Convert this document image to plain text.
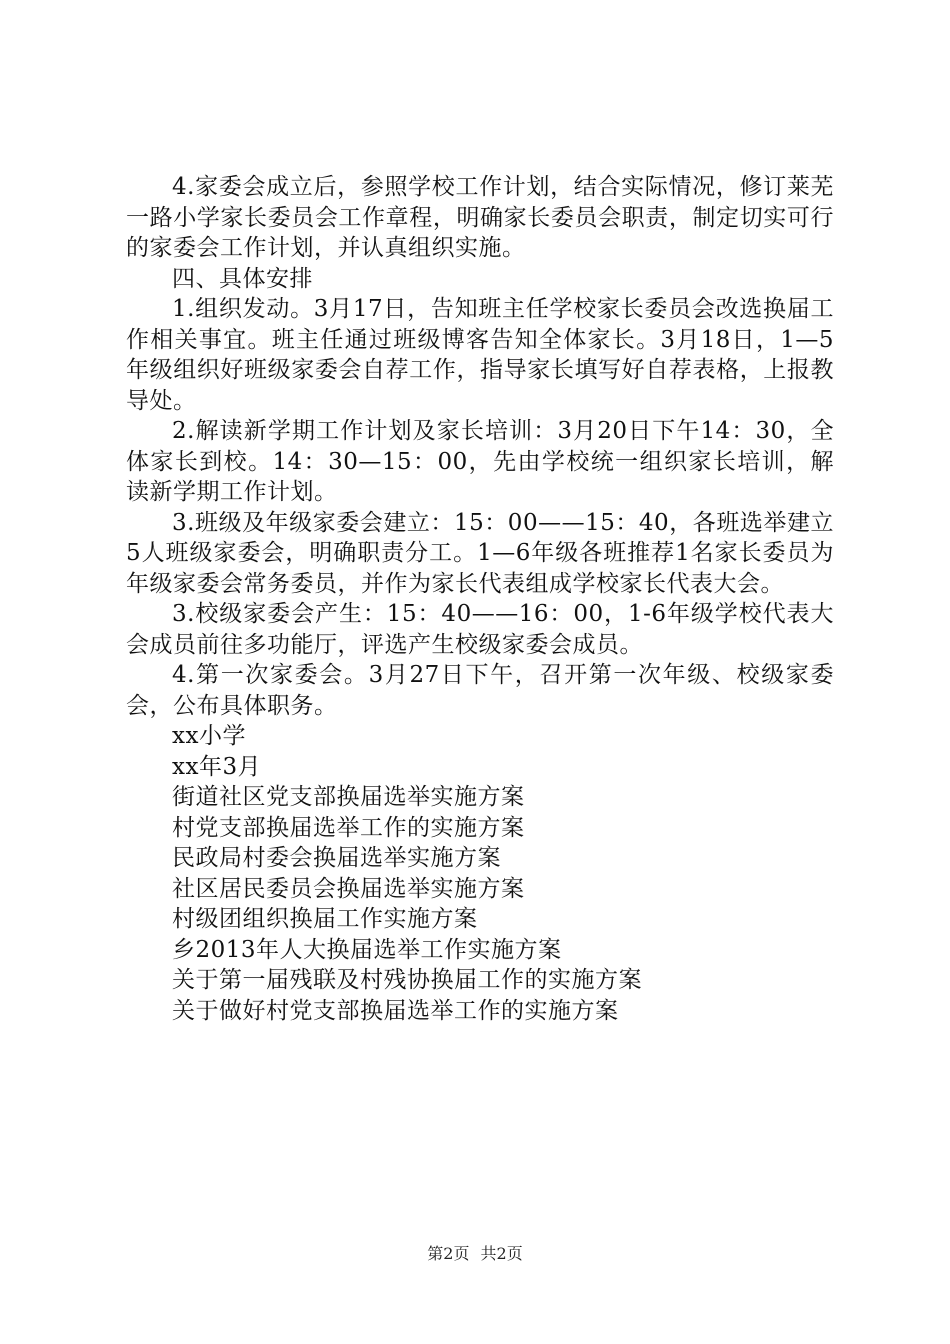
4.家委会成立后，参照学校工作计划，结合实际情况，修订莱芜一路小学家长委员会工作章程，明确家长委员会职责，制定切实可行的家委会工作计划，并认真组织实施。

四、具体安排

1.组织发动。3月17日，告知班主任学校家长委员会改选换届工作相关事宜。班主任通过班级博客告知全体家长。3月18日，1—5年级组织好班级家委会自荐工作，指导家长填写好自荐表格，上报教导处。

2.解读新学期工作计划及家长培训：3月20日下午14：30，全体家长到校。14：30—15：00，先由学校统一组织家长培训，解读新学期工作计划。

3.班级及年级家委会建立：15：00——15：40，各班选举建立5人班级家委会，明确职责分工。1—6年级各班推荐1名家长委员为年级家委会常务委员，并作为家长代表组成学校家长代表大会。

3.校级家委会产生：15：40——16：00，1-6年级学校代表大会成员前往多功能厅，评选产生校级家委会成员。

4.第一次家委会。3月27日下午，召开第一次年级、校级家委会，公布具体职务。

xx小学

xx年3月

街道社区党支部换届选举实施方案
村党支部换届选举工作的实施方案
民政局村委会换届选举实施方案
社区居民委员会换届选举实施方案
村级团组织换届工作实施方案
乡2013年人大换届选举工作实施方案
关于第一届残联及村残协换届工作的实施方案
关于做好村党支部换届选举工作的实施方案
第2页 共2页
